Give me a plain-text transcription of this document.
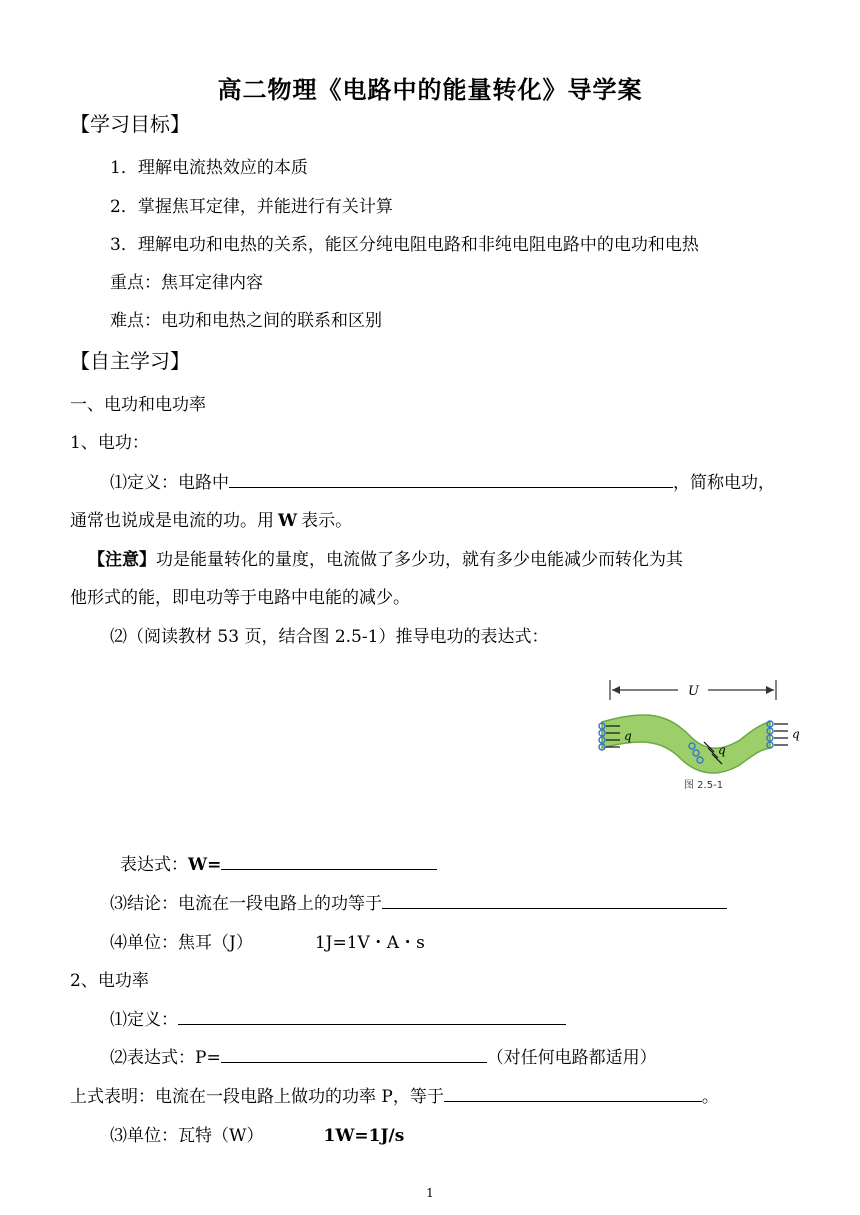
高二物理《电路中的能量转化》导学案
【学习目标】
1．理解电流热效应的本质
2．掌握焦耳定律，并能进行有关计算
3．理解电功和电热的关系，能区分纯电阻电路和非纯电阻电路中的电功和电热
重点：焦耳定律内容
难点：电功和电热之间的联系和区别
【自主学习】
一、电功和电功率
1、电功：
⑴定义：电路中	，简称电功，
通常也说成是电流的功。用 W 表示。
【注意】功是能量转化的量度，电流做了多少功，就有多少电能减少而转化为其
他形式的能，即电功等于电路中电能的减少。
⑵（阅读教材 53 页，结合图 2.5-1）推导电功的表达式：
U
q
q
q
图 2.5-1
表达式：W=
⑶结论：电流在一段电路上的功等于
⑷单位：焦耳（J）	1J=1V・A・s
2、电功率
⑴定义：
⑵表达式：P=	（对任何电路都适用）
上式表明：电流在一段电路上做功的功率 P，等于	。
⑶单位：瓦特（W）	1W=1J/s
1
